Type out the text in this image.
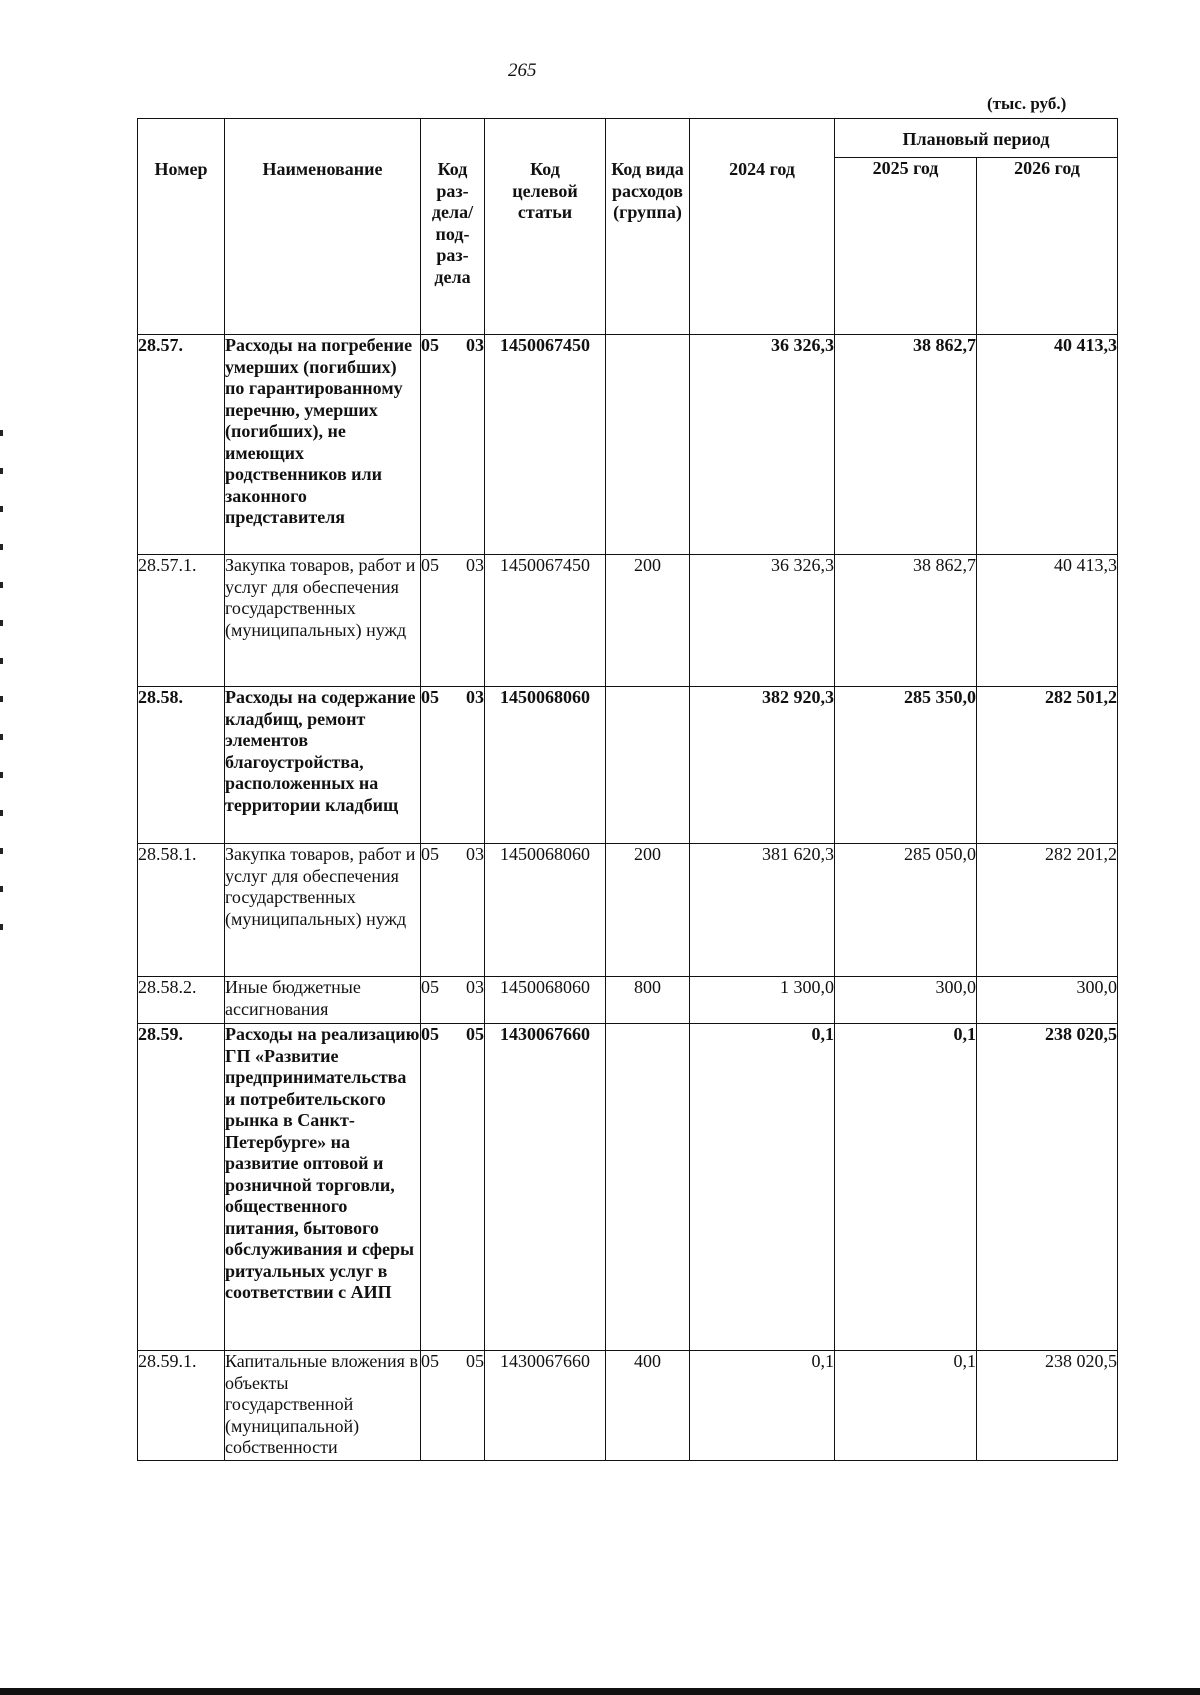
265
(тыс. руб.)
Номер	Наименование	Код раз-дела/ под-раз-дела	Код целевой статьи	Код вида расходов (группа)	2024 год	Плановый период	
						2025 год	2026 год
28.57.	Расходы на погребение умерших (погибших) по гарантированному перечню, умерших (погибших), не имеющих родственников или законного представителя	05 03	1450067450		36 326,3	38 862,7	40 413,3
28.57.1.	Закупка товаров, работ и услуг для обеспечения государственных (муниципальных) нужд	05 03	1450067450	200	36 326,3	38 862,7	40 413,3
28.58.	Расходы на содержание кладбищ, ремонт элементов благоустройства, расположенных на территории кладбищ	05 03	1450068060		382 920,3	285 350,0	282 501,2
28.58.1.	Закупка товаров, работ и услуг для обеспечения государственных (муниципальных) нужд	05 03	1450068060	200	381 620,3	285 050,0	282 201,2
28.58.2.	Иные бюджетные ассигнования	05 03	1450068060	800	1 300,0	300,0	300,0
28.59.	Расходы на реализацию ГП «Развитие предпринимательства и потребительского рынка в Санкт-Петербурге» на развитие оптовой и розничной торговли, общественного питания, бытового обслуживания и сферы ритуальных услуг в соответствии с АИП	05 05	1430067660		0,1	0,1	238 020,5
28.59.1.	Капитальные вложения в объекты государственной (муниципальной) собственности	05 05	1430067660	400	0,1	0,1	238 020,5
